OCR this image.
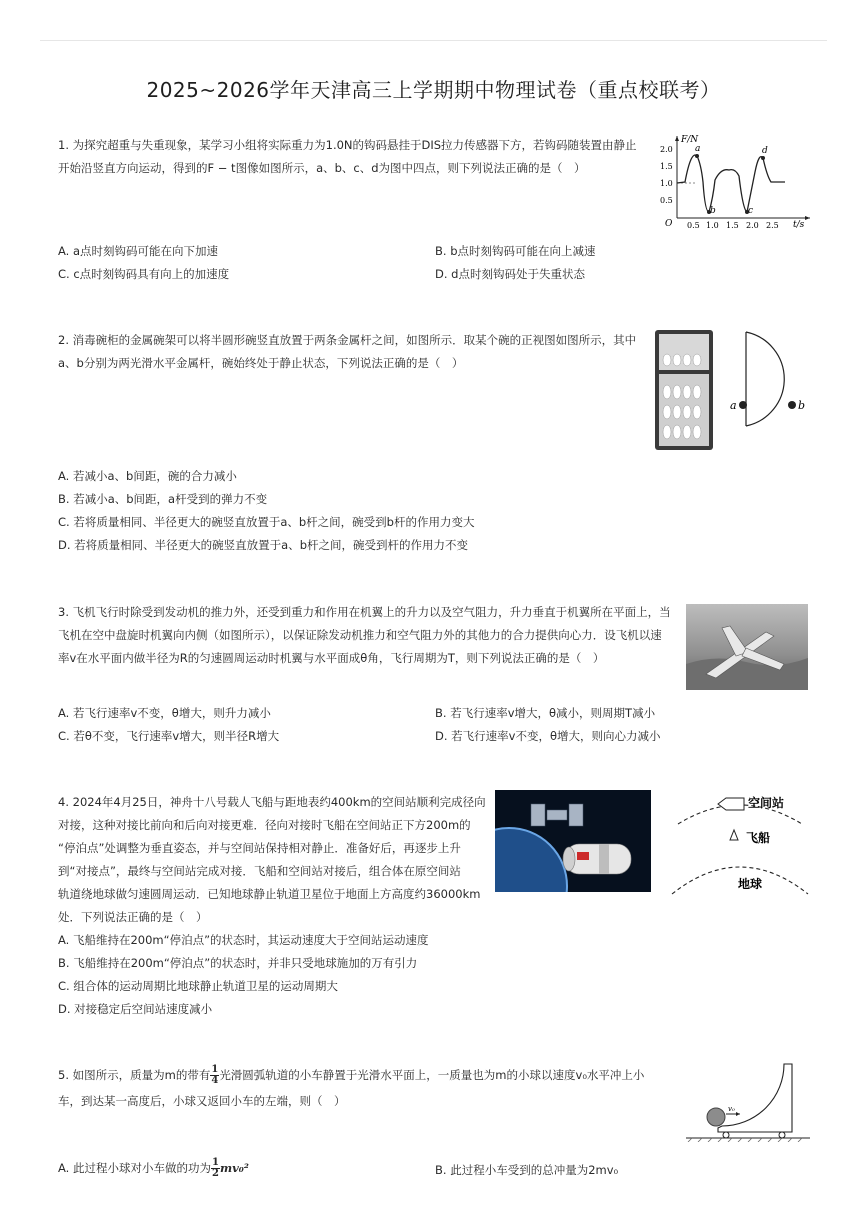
2025~2026学年天津高三上学期期中物理试卷（重点校联考）
1. 为探究超重与失重现象，某学习小组将实际重力为1.0N的钩码悬挂于DIS拉力传感器下方，若钩码随装置由静止
开始沿竖直方向运动，得到的F − t图像如图所示，a、b、c、d为图中四点，则下列说法正确的是（　）
F/N
t/s
O
2.0
1.5
1.0
0.5
0.5 1.0 1.5 2.0 2.5
a
b	c
d
A. a点时刻钩码可能在向下加速	B. b点时刻钩码可能在向上减速
C. c点时刻钩码具有向上的加速度	D. d点时刻钩码处于失重状态
2. 消毒碗柜的金属碗架可以将半圆形碗竖直放置于两条金属杆之间，如图所示．取某个碗的正视图如图所示，其中
a、b分别为两光滑水平金属杆，碗始终处于静止状态，下列说法正确的是（　）
a	b
A. 若减小a、b间距，碗的合力减小
B. 若减小a、b间距，a杆受到的弹力不变
C. 若将质量相同、半径更大的碗竖直放置于a、b杆之间，碗受到b杆的作用力变大
D. 若将质量相同、半径更大的碗竖直放置于a、b杆之间，碗受到杆的作用力不变
3. 飞机飞行时除受到发动机的推力外，还受到重力和作用在机翼上的升力以及空气阻力，升力垂直于机翼所在平面上，当
飞机在空中盘旋时机翼向内侧（如图所示），以保证除发动机推力和空气阻力外的其他力的合力提供向心力．设飞机以速
率v在水平面内做半径为R的匀速圆周运动时机翼与水平面成θ角，飞行周期为T，则下列说法正确的是（　）
A. 若飞行速率v不变，θ增大，则升力减小	B. 若飞行速率v增大，θ减小，则周期T减小
C. 若θ不变，飞行速率v增大，则半径R增大	D. 若飞行速率v不变，θ增大，则向心力减小
4. 2024年4月25日，神舟十八号载人飞船与距地表约400km的空间站顺利完成径向
对接，这种对接比前向和后向对接更难．径向对接时飞船在空间站正下方200m的
“停泊点”处调整为垂直姿态，并与空间站保持相对静止．准备好后，再逐步上升
到“对接点”，最终与空间站完成对接．飞船和空间站对接后，组合体在原空间站
轨道绕地球做匀速圆周运动．已知地球静止轨道卫星位于地面上方高度约36000km
处．下列说法正确的是（　）
空间站
飞船
地球
A. 飞船维持在200m“停泊点”的状态时，其运动速度大于空间站运动速度
B. 飞船维持在200m“停泊点”的状态时，并非只受地球施加的万有引力
C. 组合体的运动周期比地球静止轨道卫星的运动周期大
D. 对接稳定后空间站速度减小
5. 如图所示，质量为m的带有 $\frac{1}{4}$ 光滑圆弧轨道的小车静置于光滑水平面上，一质量也为m的小球以速度v₀水平冲上小
车，到达某一高度后，小球又返回小车的左端，则（　）
v₀
A. 此过程小球对小车做的功为 $\frac{1}{2} mv_0^2$	B. 此过程小车受到的总冲量为2mv₀
